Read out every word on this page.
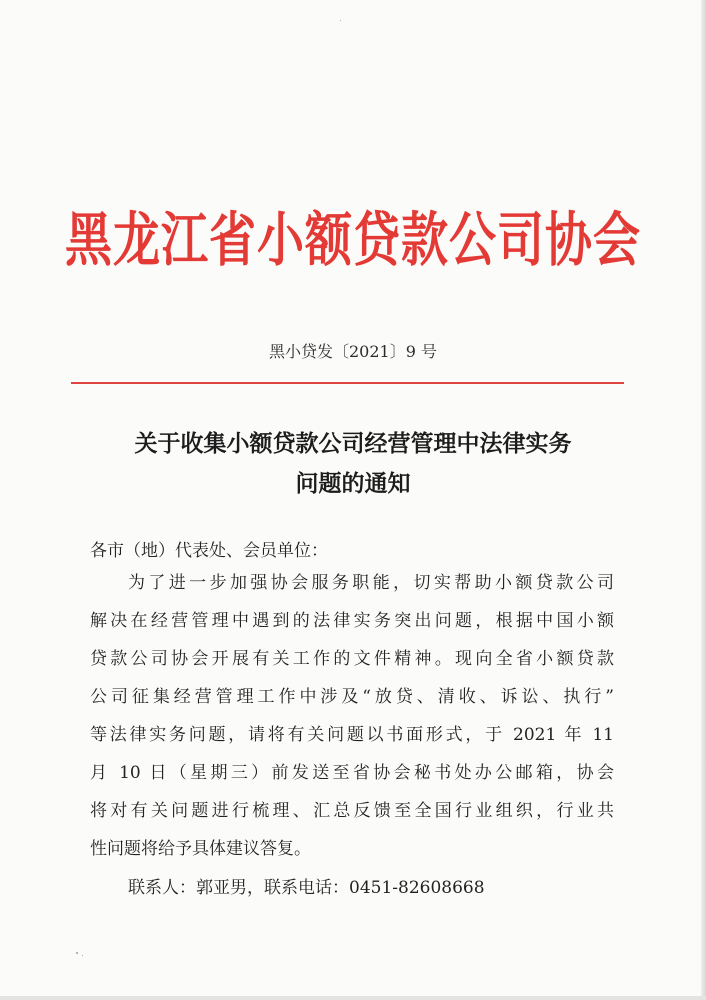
黑龙江省小额贷款公司协会
黑小贷发〔2021〕9 号
关于收集小额贷款公司经营管理中法律实务
问题的通知
各市（地）代表处、会员单位：
为了进一步加强协会服务职能，切实帮助小额贷款公司
解决在经营管理中遇到的法律实务突出问题，根据中国小额
贷款公司协会开展有关工作的文件精神。现向全省小额贷款
公司征集经营管理工作中涉及“放贷、清收、诉讼、执行”
等法律实务问题，请将有关问题以书面形式，于 2021 年 11
月 10 日（星期三）前发送至省协会秘书处办公邮箱，协会
将对有关问题进行梳理、汇总反馈至全国行业组织，行业共
性问题将给予具体建议答复。
联系人：郭亚男，联系电话：0451-82608668
